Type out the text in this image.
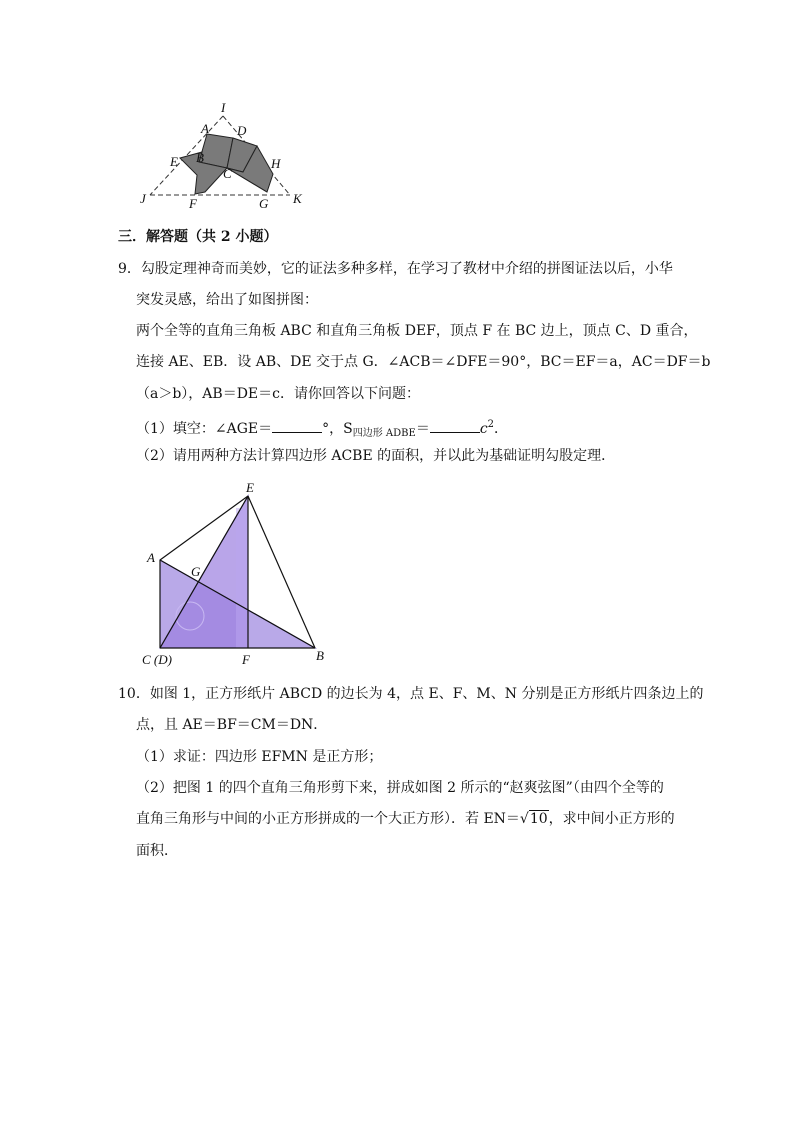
I
A D
E B	H
C
J	F	G K
三．解答题（共 2 小题）
9．勾股定理神奇而美妙，它的证法多种多样，在学习了教材中介绍的拼图证法以后，小华
突发灵感，给出了如图拼图：
两个全等的直角三角板 ABC 和直角三角板 DEF，顶点 F 在 BC 边上，顶点 C、D 重合，
连接 AE、EB．设 AB、DE 交于点 G．∠ACB＝∠DFE＝90°，BC＝EF＝a，AC＝DF＝b
（a＞b），AB＝DE＝c．请你回答以下问题：
（1）填空：∠AGE＝	°，$S_{四边形 ADBE}=$	$c^2$．
（2）请用两种方法计算四边形 ACBE 的面积，并以此为基础证明勾股定理．
E
A
G
C (D)	F	B
10．如图 1，正方形纸片 ABCD 的边长为 4，点 E、F、M、N 分别是正方形纸片四条边上的
点，且 AE＝BF＝CM＝DN．
（1）求证：四边形 EFMN 是正方形；
（2）把图 1 的四个直角三角形剪下来，拼成如图 2 所示的“赵爽弦图”（由四个全等的
直角三角形与中间的小正方形拼成的一个大正方形）．若 EN＝√10，求中间小正方形的
面积．
